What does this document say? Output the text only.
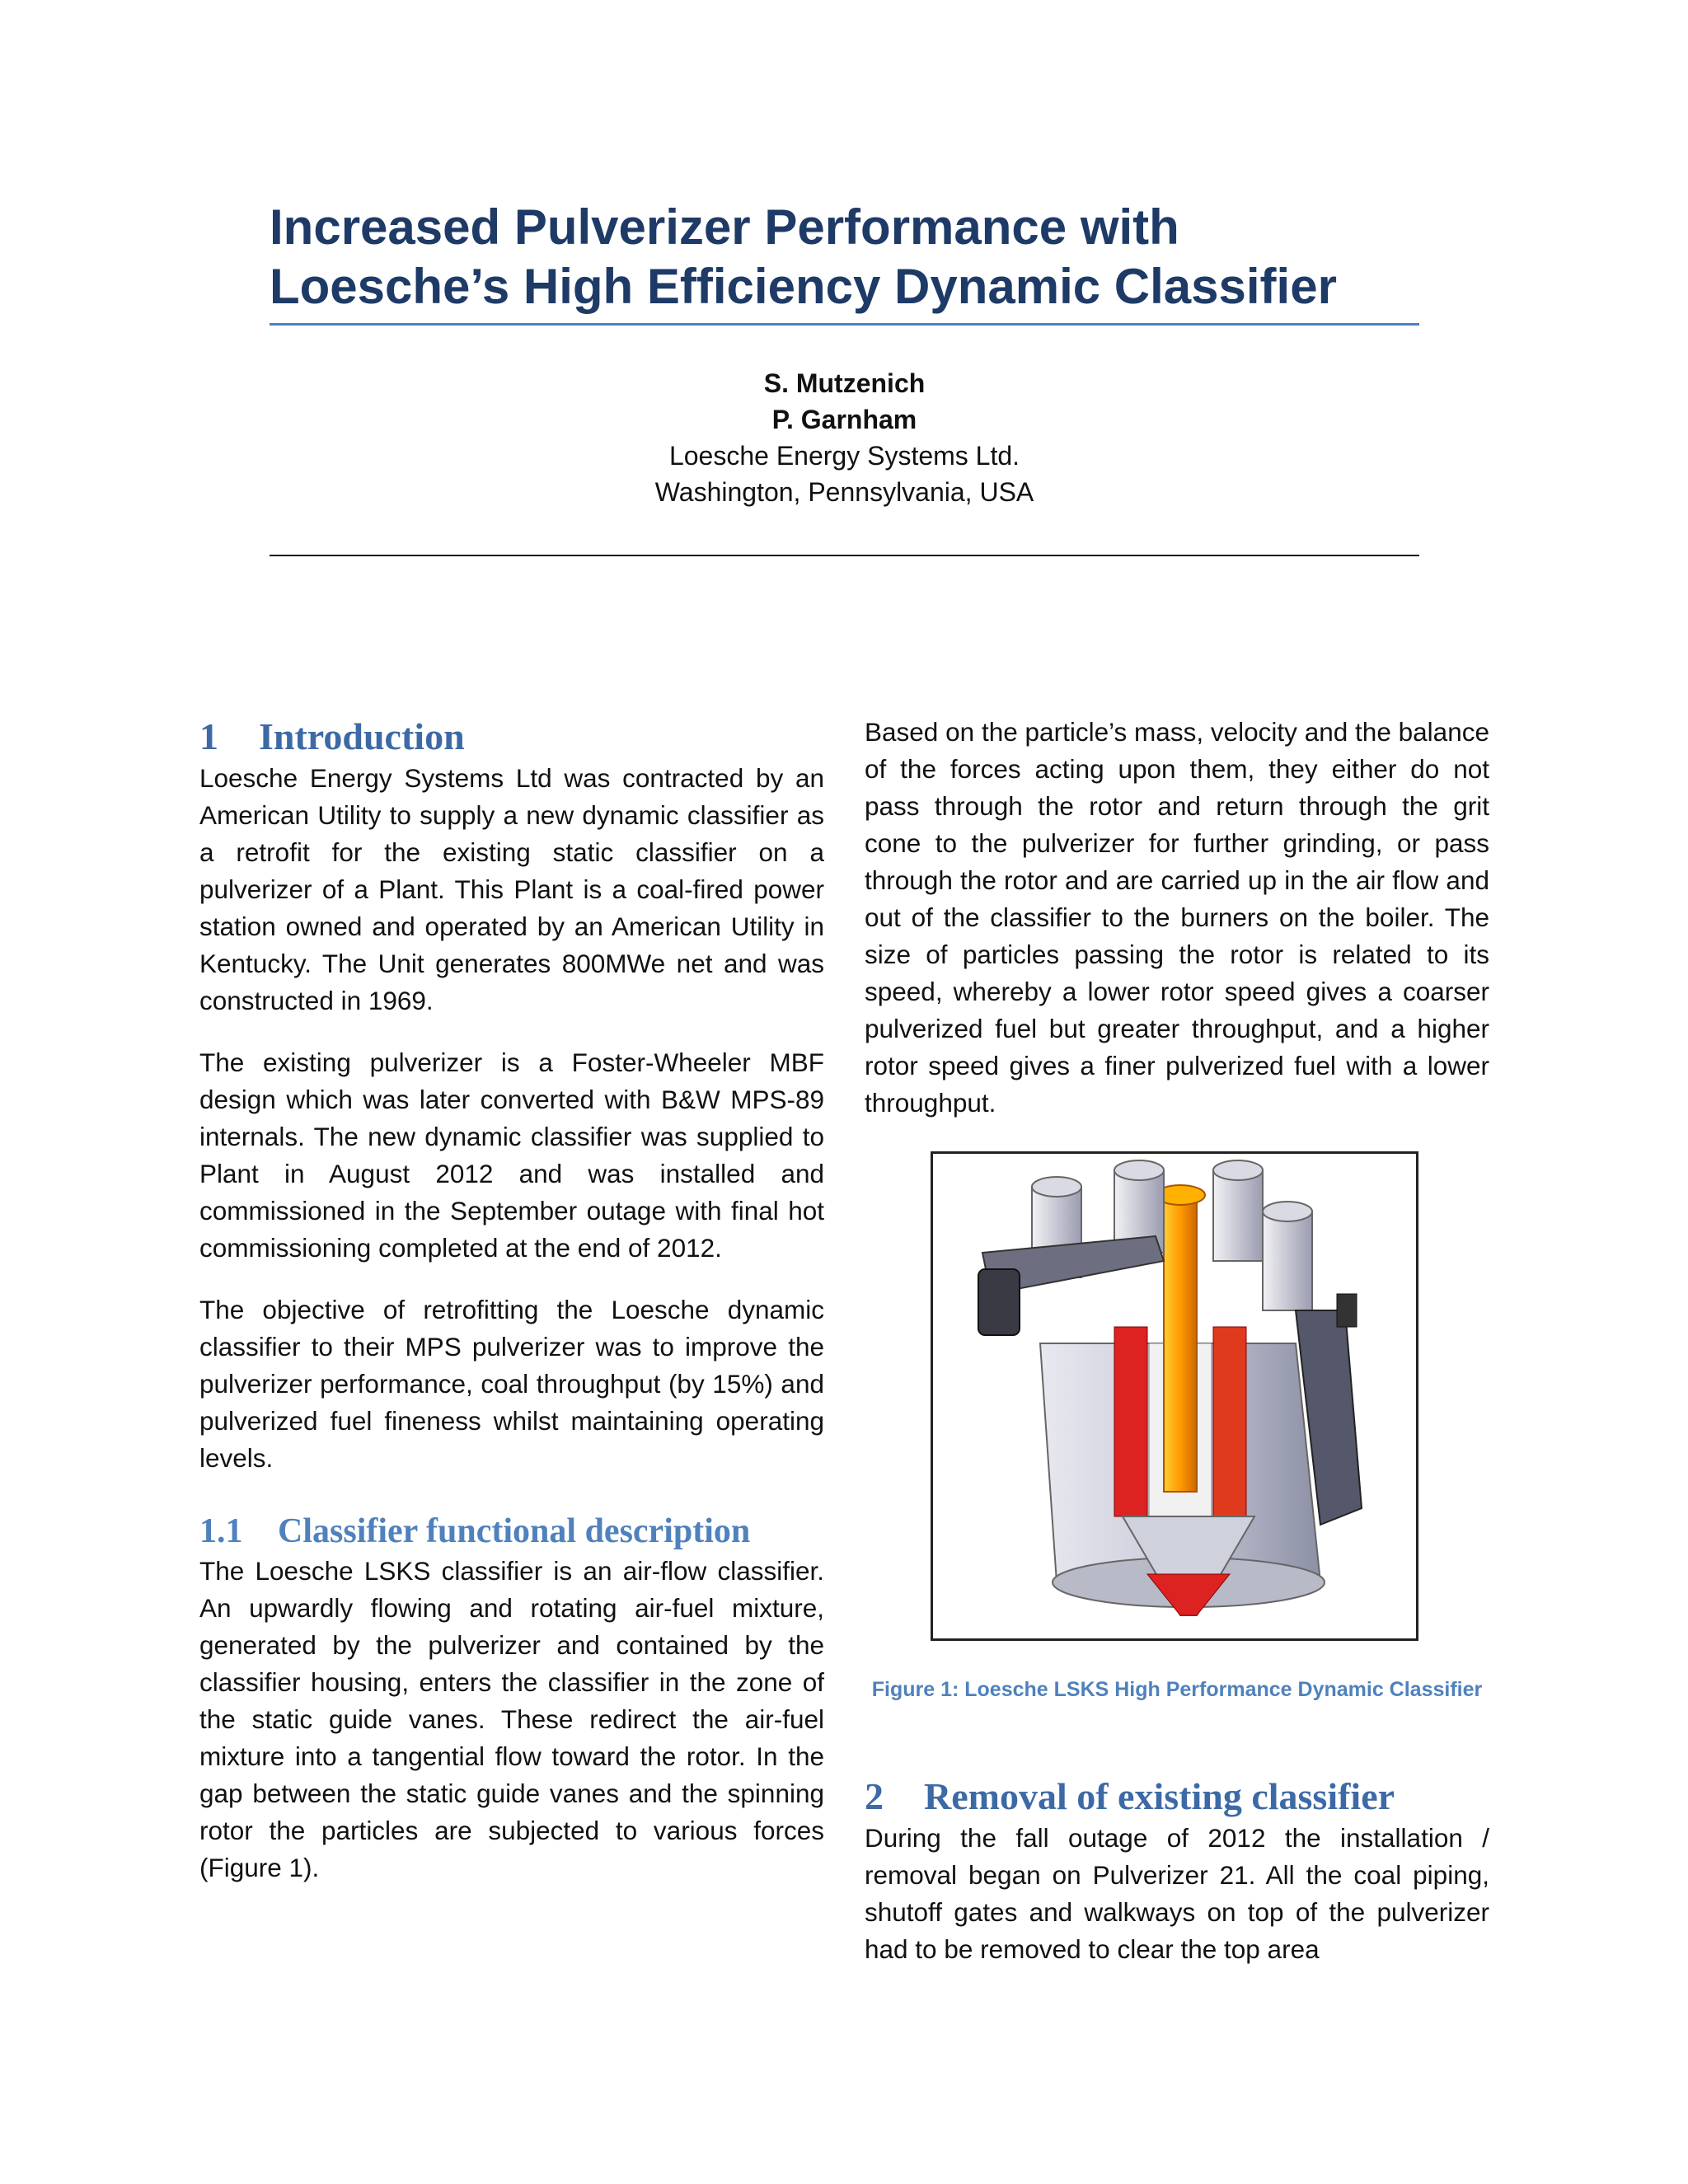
Increased Pulverizer Performance with
Loesche’s High Efficiency Dynamic Classifier
S. Mutzenich
P. Garnham
Loesche Energy Systems Ltd.
Washington, Pennsylvania, USA
1 Introduction

Loesche Energy Systems Ltd was contracted by an American Utility to supply a new dynamic classifier as a retrofit for the existing static classifier on a pulverizer of a Plant. This Plant is a coal-fired power station owned and operated by an American Utility in Kentucky. The Unit generates 800MWe net and was constructed in 1969.

The existing pulverizer is a Foster-Wheeler MBF design which was later converted with B&W MPS-89 internals. The new dynamic classifier was supplied to Plant in August 2012 and was installed and commissioned in the September outage with final hot commissioning completed at the end of 2012.

The objective of retrofitting the Loesche dynamic classifier to their MPS pulverizer was to improve the pulverizer performance, coal throughput (by 15%) and pulverized fuel fineness whilst maintaining operating levels.

1.1 Classifier functional description

The Loesche LSKS classifier is an air-flow classifier. An upwardly flowing and rotating air-fuel mixture, generated by the pulverizer and contained by the classifier housing, enters the classifier in the zone of the static guide vanes. These redirect the air-fuel mixture into a tangential flow toward the rotor. In the gap between the static guide vanes and the spinning rotor the particles are subjected to various forces (Figure 1).

Based on the particle’s mass, velocity and the balance of the forces acting upon them, they either do not pass through the rotor and return through the grit cone to the pulverizer for further grinding, or pass through the rotor and are carried up in the air flow and out of the classifier to the burners on the boiler. The size of particles passing the rotor is related to its speed, whereby a lower rotor speed gives a coarser pulverized fuel but greater throughput, and a higher rotor speed gives a finer pulverized fuel with a lower throughput.

Figure 1: Loesche LSKS High Performance Dynamic Classifier
2 Removal of existing classifier

During the fall outage of 2012 the installation / removal began on Pulverizer 21. All the coal piping, shutoff gates and walkways on top of the pulverizer had to be removed to clear the top area
